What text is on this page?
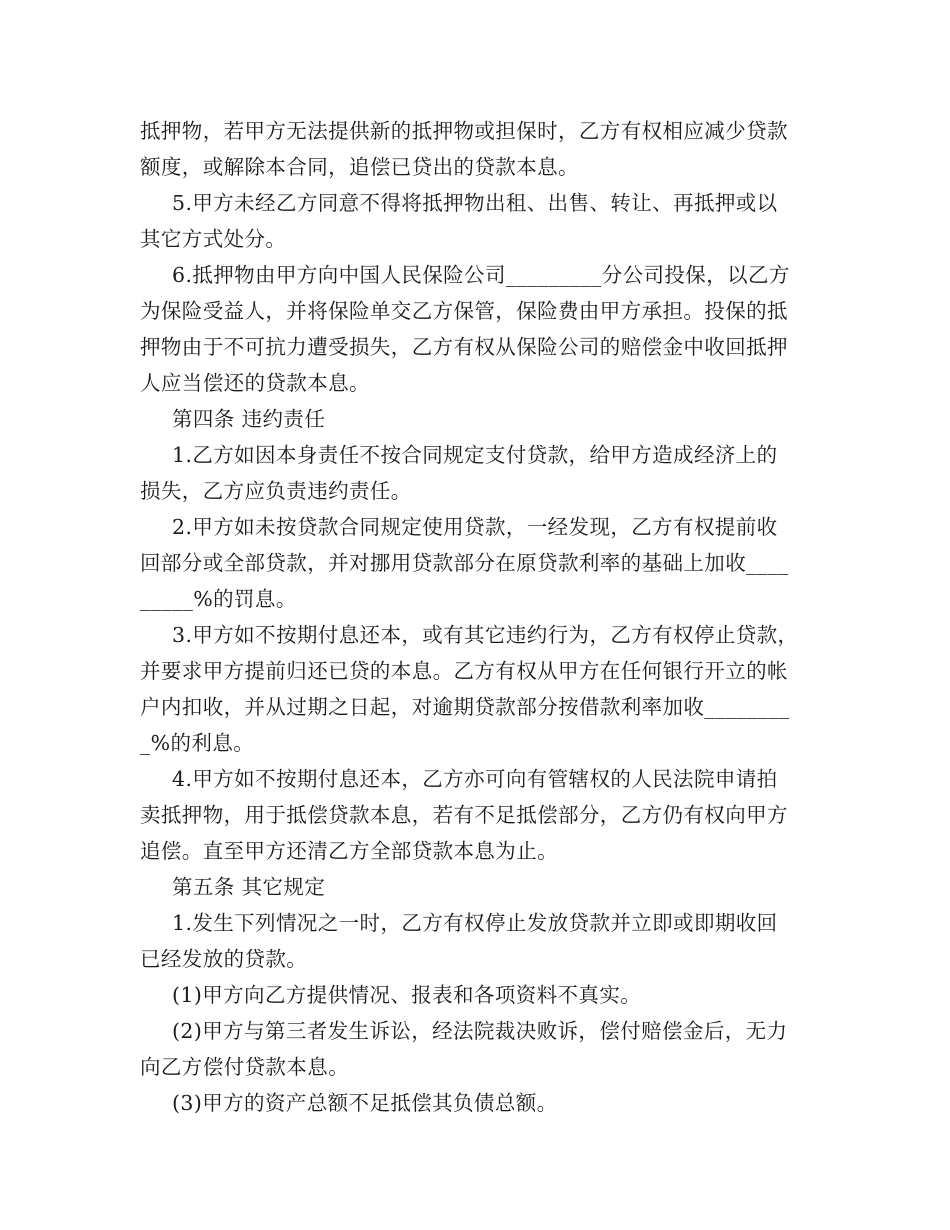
抵押物，若甲方无法提供新的抵押物或担保时，乙方有权相应减少贷款
额度，或解除本合同，追偿已贷出的贷款本息。
5.甲方未经乙方同意不得将抵押物出租、出售、转让、再抵押或以
其它方式处分。
6.抵押物由甲方向中国人民保险公司_________分公司投保，以乙方
为保险受益人，并将保险单交乙方保管，保险费由甲方承担。投保的抵
押物由于不可抗力遭受损失，乙方有权从保险公司的赔偿金中收回抵押
人应当偿还的贷款本息。
第四条 违约责任
1.乙方如因本身责任不按合同规定支付贷款，给甲方造成经济上的
损失，乙方应负责违约责任。
2.甲方如未按贷款合同规定使用贷款，一经发现，乙方有权提前收
回部分或全部贷款，并对挪用贷款部分在原贷款利率的基础上加收____
_____%的罚息。
3.甲方如不按期付息还本，或有其它违约行为，乙方有权停止贷款，
并要求甲方提前归还已贷的本息。乙方有权从甲方在任何银行开立的帐
户内扣收，并从过期之日起，对逾期贷款部分按借款利率加收________
_%的利息。
4.甲方如不按期付息还本，乙方亦可向有管辖权的人民法院申请拍
卖抵押物，用于抵偿贷款本息，若有不足抵偿部分，乙方仍有权向甲方
追偿。直至甲方还清乙方全部贷款本息为止。
第五条 其它规定
1.发生下列情况之一时，乙方有权停止发放贷款并立即或即期收回
已经发放的贷款。
(1)甲方向乙方提供情况、报表和各项资料不真实。
(2)甲方与第三者发生诉讼，经法院裁决败诉，偿付赔偿金后，无力
向乙方偿付贷款本息。
(3)甲方的资产总额不足抵偿其负债总额。
